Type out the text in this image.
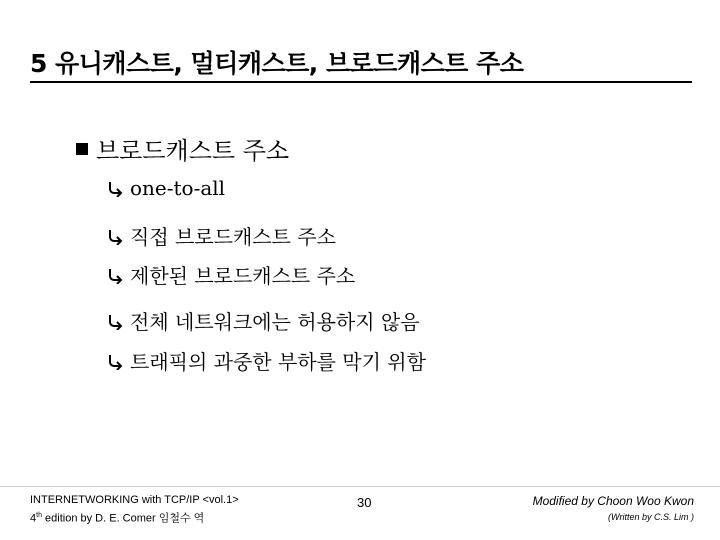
5 유니캐스트, 멀티캐스트, 브로드캐스트 주소
브로드캐스트 주소
one-to-all
직접 브로드캐스트 주소
제한된 브로드캐스트 주소
전체 네트워크에는 허용하지 않음
트래픽의 과중한 부하를 막기 위함
INTERNETWORKING with TCP/IP <vol.1>
4th edition by D. E. Comer 임철수 역
30	Modified by Choon Woo Kwon
(Written by C.S. Lim )
